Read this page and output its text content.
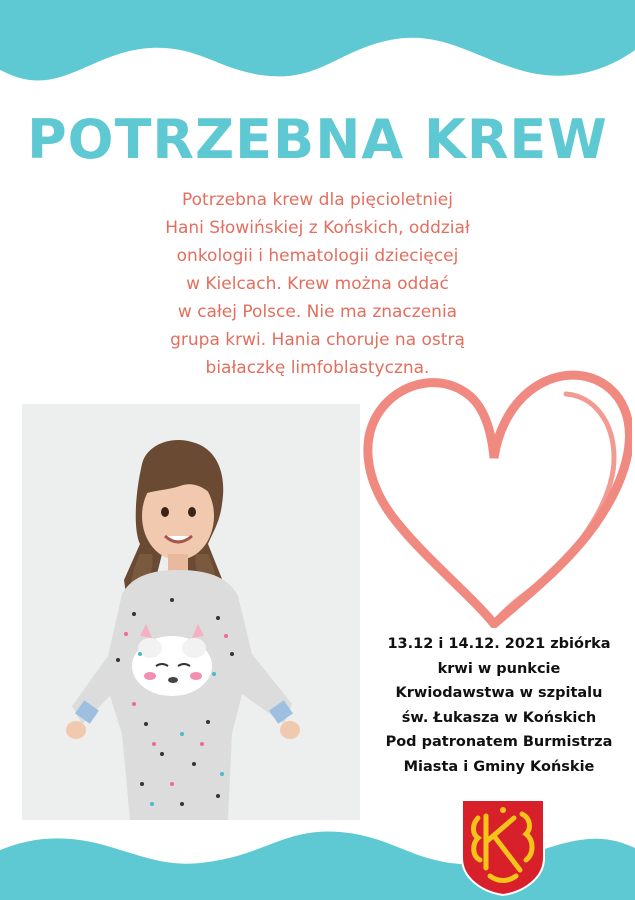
POTRZEBNA KREW

Potrzebna krew dla pięcioletniej
Hani Słowińskiej z Końskich, oddział
onkologii i hematologii dziecięcej
w Kielcach. Krew można oddać
w całej Polsce. Nie ma znaczenia
grupa krwi. Hania choruje na ostrą
białaczkę limfoblastyczna.

13.12 i 14.12. 2021 zbiórka
krwi w punkcie
Krwiodawstwa w szpitalu
św. Łukasza w Końskich
Pod patronatem Burmistrza
Miasta i Gminy Końskie
